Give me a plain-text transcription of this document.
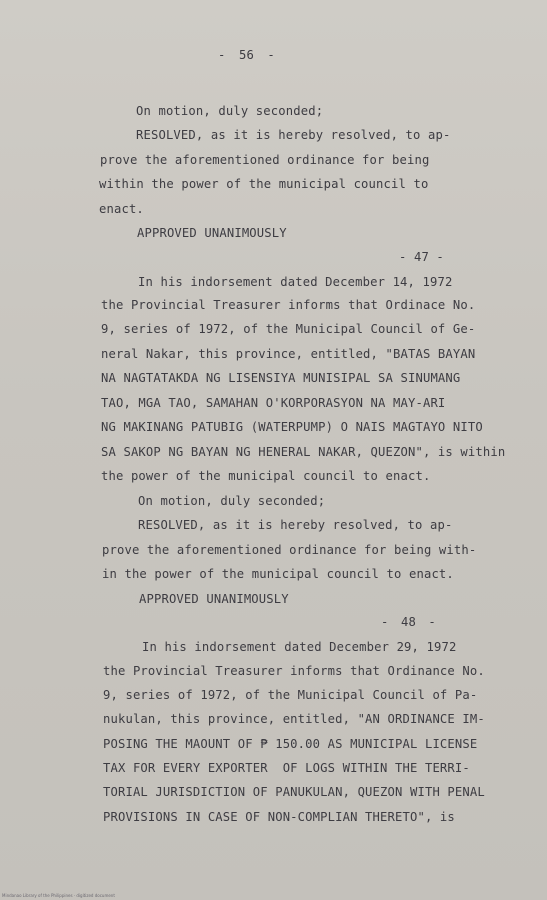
- 56 -
On motion, duly seconded;
RESOLVED, as it is hereby resolved, to ap-
prove the aforementioned ordinance for being
within the power of the municipal council to
enact.
APPROVED UNANIMOUSLY
- 47 -
In his indorsement dated December 14, 1972
the Provincial Treasurer informs that Ordinace No.
9, series of 1972, of the Municipal Council of Ge-
neral Nakar, this province, entitled, "BATAS BAYAN
NA NAGTATAKDA NG LISENSIYA MUNISIPAL SA SINUMANG
TAO, MGA TAO, SAMAHAN O'KORPORASYON NA MAY-ARI
NG MAKINANG PATUBIG (WATERPUMP) O NAIS MAGTAYO NITO
SA SAKOP NG BAYAN NG HENERAL NAKAR, QUEZON", is within
the power of the municipal council to enact.
On motion, duly seconded;
RESOLVED, as it is hereby resolved, to ap-
prove the aforementioned ordinance for being with-
in the power of the municipal council to enact.
APPROVED UNANIMOUSLY
- 48 -
In his indorsement dated December 29, 1972
the Provincial Treasurer informs that Ordinance No.
9, series of 1972, of the Municipal Council of Pa-
nukulan, this province, entitled, "AN ORDINANCE IM-
POSING THE MAOUNT OF ₱ 150.00 AS MUNICIPAL LICENSE
TAX FOR EVERY EXPORTER  OF LOGS WITHIN THE TERRI-
TORIAL JURISDICTION OF PANUKULAN, QUEZON WITH PENAL
PROVISIONS IN CASE OF NON-COMPLIAN THERETO", is
Mindanao Library of the Philippines · digitized document
